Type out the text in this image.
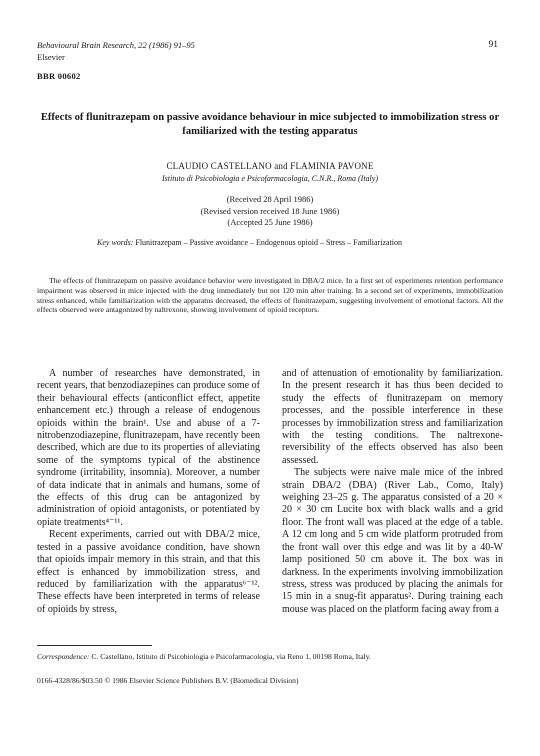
Behavioural Brain Research, 22 (1986) 91–95
Elsevier
91
BBR 00602
Effects of flunitrazepam on passive avoidance behaviour in mice subjected to immobilization stress or familiarized with the testing apparatus
CLAUDIO CASTELLANO and FLAMINIA PAVONE
Istituto di Psicobiologia e Psicofarmacologia, C.N.R., Roma (Italy)
(Received 28 April 1986)
(Revised version received 18 June 1986)
(Accepted 25 June 1986)
Key words: Flunitrazepam – Passive avoidance – Endogenous opioid – Stress – Familiarization
The effects of flunitrazepam on passive avoidance behavior were investigated in DBA/2 mice. In a first set of experiments retention performance impairment was observed in mice injected with the drug immediately but not 120 min after training. In a second set of experiments, immobilization stress enhanced, while familiarization with the apparatus decreased, the effects of flunitrazepam, suggesting involvement of emotional factors. All the effects observed were antagonized by naltrexone, showing involvement of opioid receptors.

A number of researches have demonstrated, in recent years, that benzodiazepines can produce some of their behavioural effects (anticonflict effect, appetite enhancement etc.) through a release of endogenous opioids within the brain¹. Use and abuse of a 7-nitrobenzodiazepine, flunitrazepam, have recently been described, which are due to its properties of alleviating some of the symptoms typical of the abstinence syndrome (irritability, insomnia). Moreover, a number of data indicate that in animals and humans, some of the effects of this drug can be antagonized by administration of opioid antagonists, or potentiated by opiate treatments⁴⁻¹¹.

Recent experiments, carried out with DBA/2 mice, tested in a passive avoidance condition, have shown that opioids impair memory in this strain, and that this effect is enhanced by immobilization stress, and reduced by familiarization with the apparatus⁶⁻¹². These effects have been interpreted in terms of release of opioids by stress,

and of attenuation of emotionality by familiarization. In the present research it has thus been decided to study the effects of flunitrazepam on memory processes, and the possible interference in these processes by immobilization stress and familiarization with the testing conditions. The naltrexone-reversibility of the effects observed has also been assessed.

The subjects were naive male mice of the inbred strain DBA/2 (DBA) (River Lab., Como, Italy) weighing 23–25 g. The apparatus consisted of a 20 × 20 × 30 cm Lucite box with black walls and a grid floor. The front wall was placed at the edge of a table. A 12 cm long and 5 cm wide platform protruded from the front wall over this edge and was lit by a 40-W lamp positioned 50 cm above it. The box was in darkness. In the experiments involving immobilization stress, stress was produced by placing the animals for 15 min in a snug-fit apparatus². During training each mouse was placed on the platform facing away from a

Correspondence: C. Castellano, Istituto di Psicobiologia e Psicofarmacologia, via Reno 1, 00198 Roma, Italy.
0166-4328/86/$03.50 © 1986 Elsevier Science Publishers B.V. (Biomedical Division)
